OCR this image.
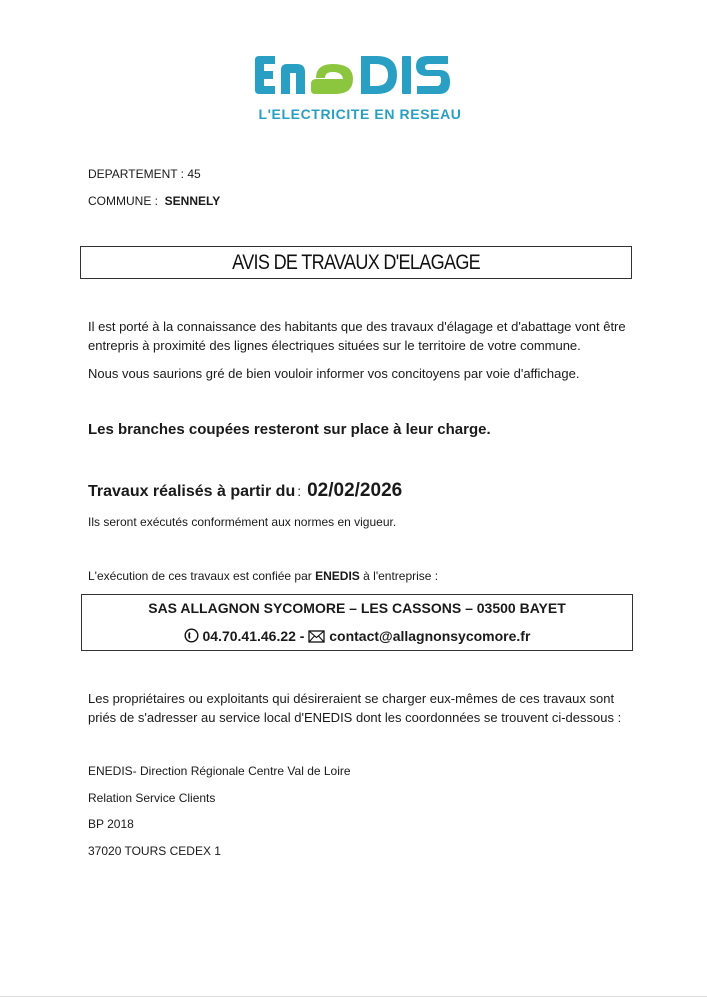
L'ELECTRICITE EN RESEAU
DEPARTEMENT : 45
COMMUNE : SENNELY
AVIS DE TRAVAUX D'ELAGAGE
Il est porté à la connaissance des habitants que des travaux d'élagage et d'abattage vont être
entrepris à proximité des lignes électriques situées sur le territoire de votre commune.
Nous vous saurions gré de bien vouloir informer vos concitoyens par voie d'affichage.
Les branches coupées resteront sur place à leur charge.
Travaux réalisés à partir du : 02/02/2026
Ils seront exécutés conformément aux normes en vigueur.
L'exécution de ces travaux est confiée par ENEDIS à l'entreprise :
SAS ALLAGNON SYCOMORE – LES CASSONS – 03500 BAYET
04.70.41.46.22 - contact@allagnonsycomore.fr
Les propriétaires ou exploitants qui désireraient se charger eux-mêmes de ces travaux sont
priés de s'adresser au service local d'ENEDIS dont les coordonnées se trouvent ci-dessous :
ENEDIS- Direction Régionale Centre Val de Loire
Relation Service Clients
BP 2018
37020 TOURS CEDEX 1
